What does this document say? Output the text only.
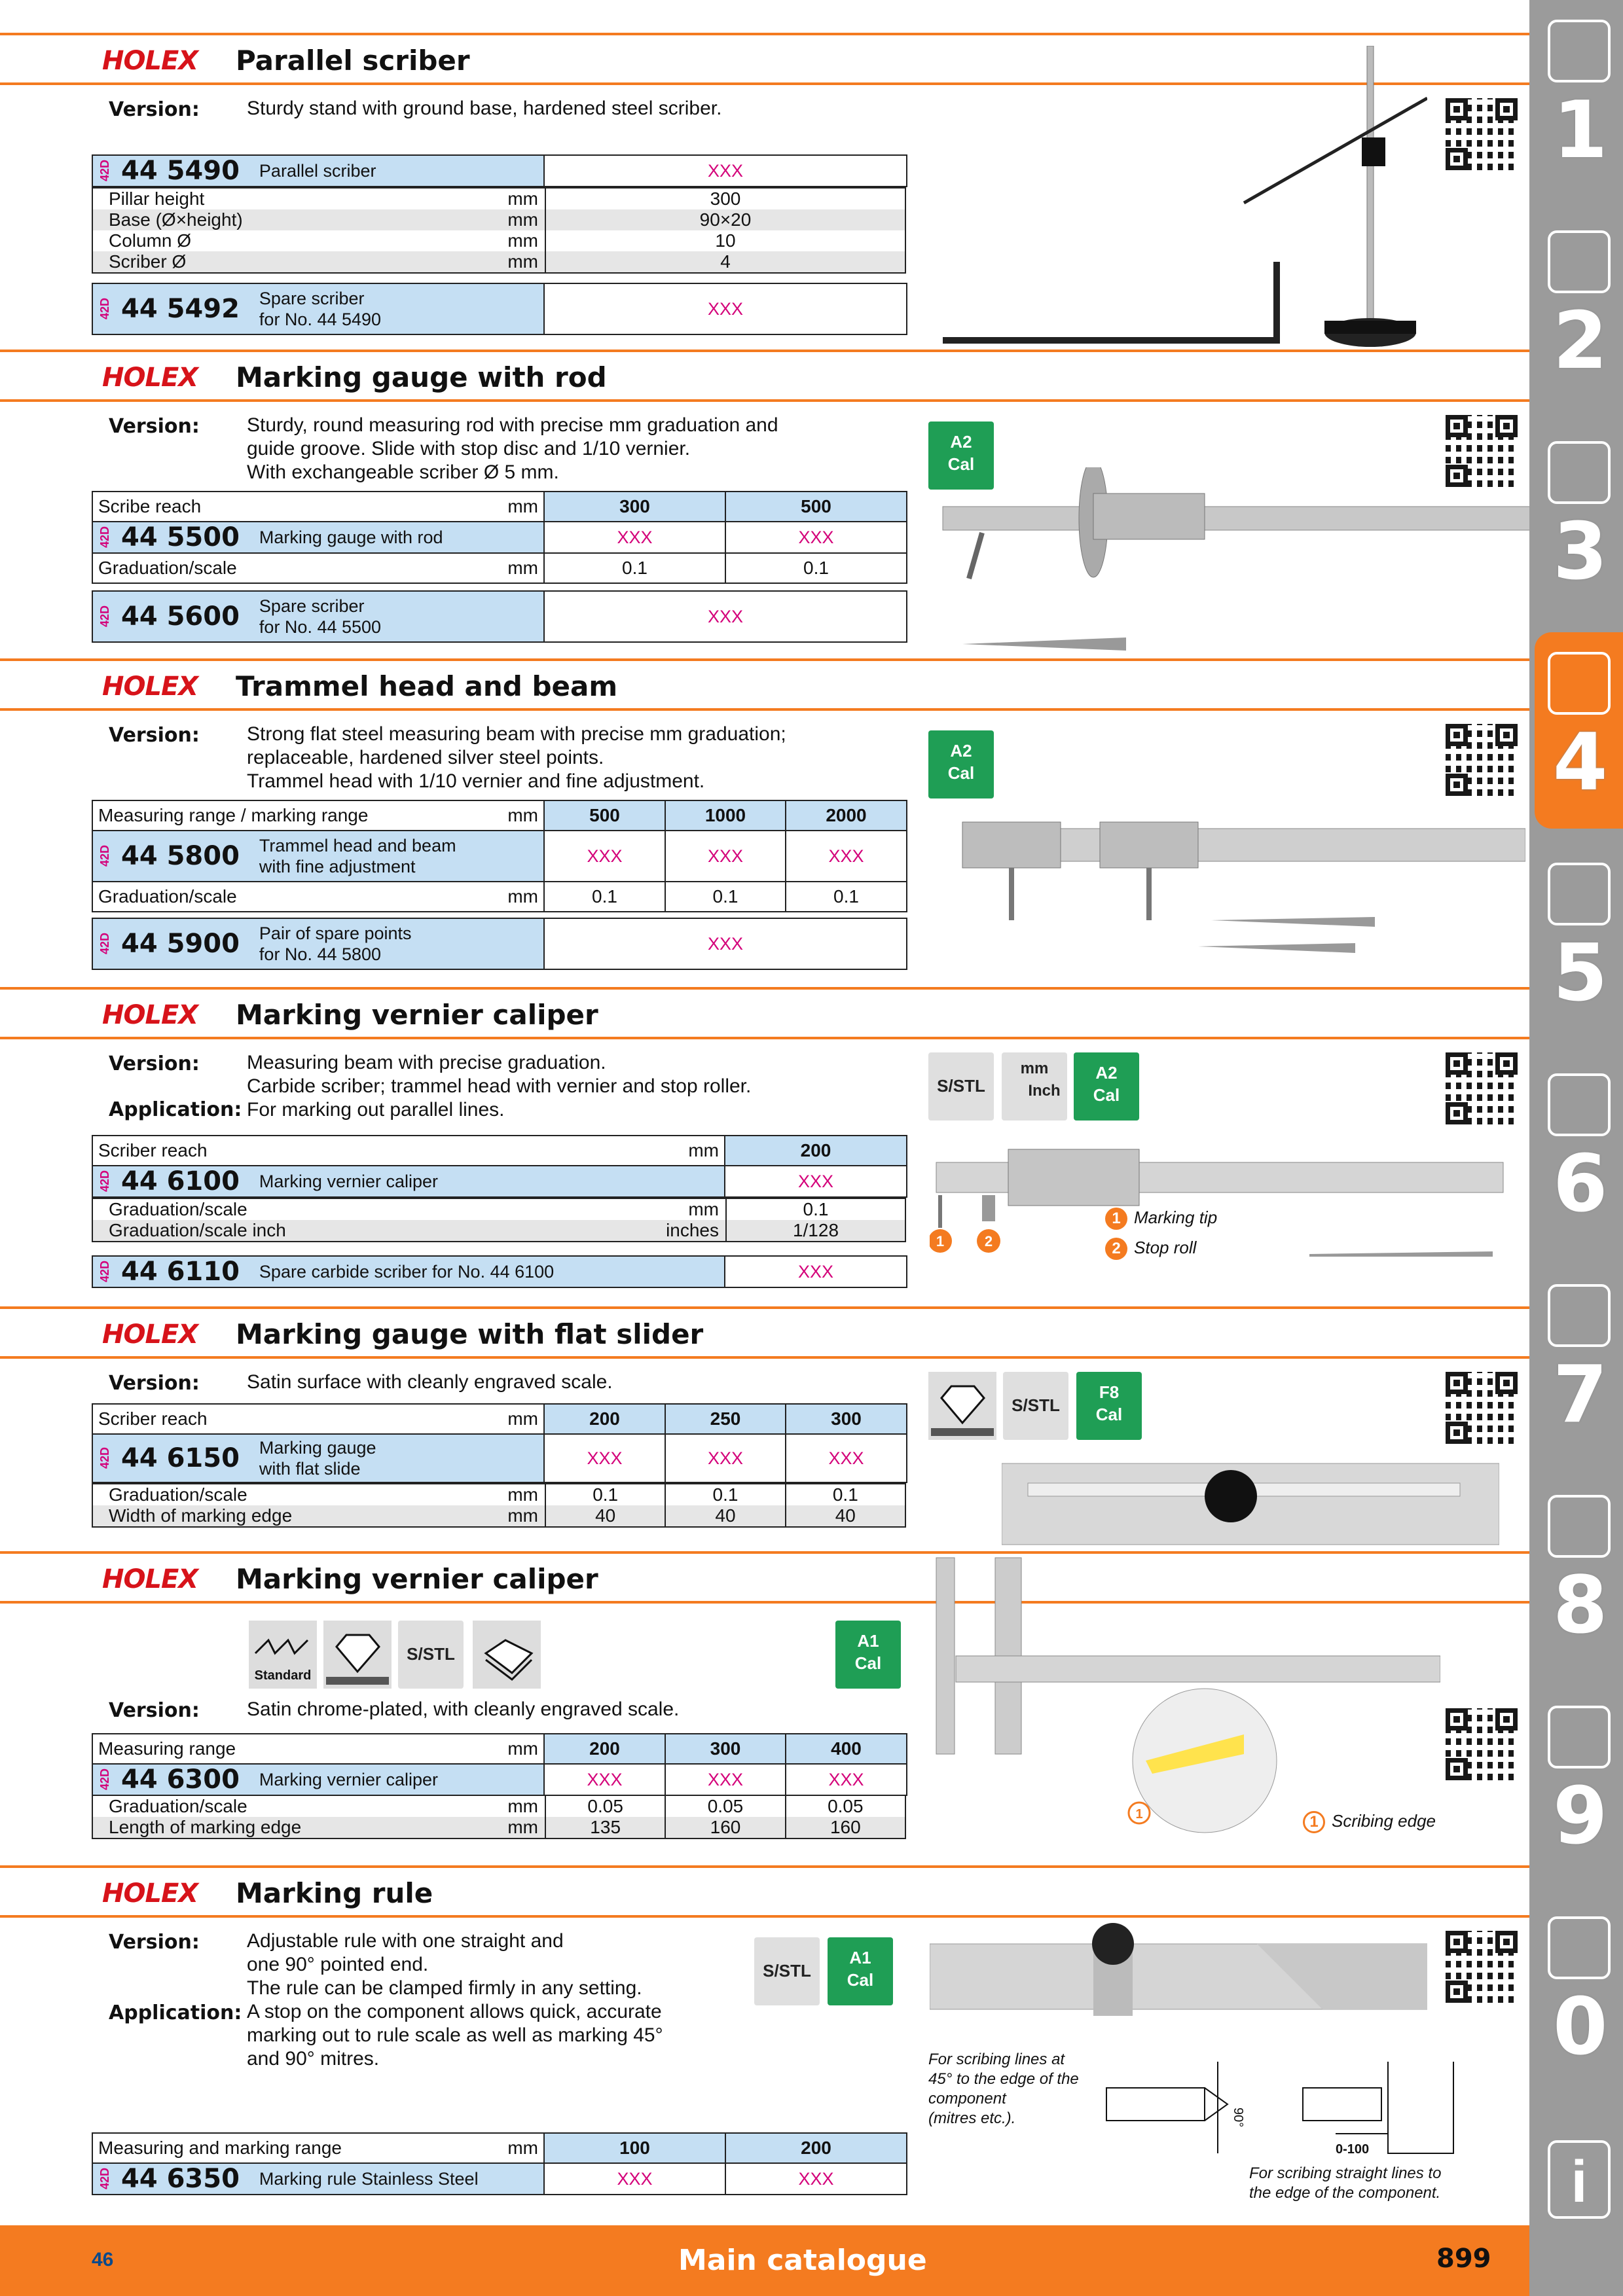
HOLEX Parallel scriber
Version: Sturdy stand with ground base, hardened steel scriber.
42D 44 5490 Parallel scriber	XXX
Pillar height	mm	300
Base (Ø×height)	mm	90×20
Column Ø	mm	10
Scriber Ø	mm	4
42D 44 5492 Spare scriber
for No. 44 5490
	XXX
HOLEX Marking gauge with rod
Version: Sturdy, round measuring rod with precise mm graduation and
guide groove. Slide with stop disc and 1/10 vernier.
With exchangeable scriber Ø 5 mm.
Scribe reach mm	300	500

42D 44 5500 Marking gauge with rod	XXX	XXX
Graduation/scale mm	0.1	0.1
42D 44 5600 Spare scriber
for No. 44 5500
	XXX
A2
Cal
HOLEX Trammel head and beam
Version: Strong flat steel measuring beam with precise mm graduation;
replaceable, hardened silver steel points.
Trammel head with 1/10 vernier and fine adjustment.
Measuring range / marking range mm	500	1000	2000

42D 44 5800 Trammel head and beam
with fine adjustment	XXX	XXX	XXX
Graduation/scale mm	0.1	0.1	0.1
42D 44 5900 Pair of spare points
for No. 44 5800
	XXX
A2
Cal
HOLEX Marking vernier caliper
Version: Measuring beam with precise graduation.
Carbide scriber; trammel head with vernier and stop roller.
Application: For marking out parallel lines.
Scriber reach mm	200

42D 44 6100 Marking vernier caliper	XXX
Graduation/scale	mm	0.1
Graduation/scale inch	inches	1/128
42D 44 6110 Spare carbide scriber for No. 44 6100	XXX
S/STL
mm
Inch
A2
Cal
1	2
1 Marking tip
2 Stop roll
HOLEX Marking gauge with flat slider
Version: Satin surface with cleanly engraved scale.
Scriber reach mm	200	250	300

42D 44 6150 Marking gauge
with flat slide	XXX	XXX	XXX
Graduation/scale	mm	0.1	0.1	0.1
Width of marking edge	mm	40	40	40
S/STL
F8
Cal
HOLEX Marking vernier caliper
Standard
S/STL
A1
Cal
Version: Satin chrome-plated, with cleanly engraved scale.
Measuring range mm	200	300	400

42D 44 6300 Marking vernier caliper	XXX	XXX	XXX
Graduation/scale	mm	0.05	0.05	0.05
Length of marking edge	mm	135	160	160
1	1 Scribing edge
HOLEX Marking rule
Version: Adjustable rule with one straight and
one 90° pointed end.
The rule can be clamped firmly in any setting.
Application: A stop on the component allows quick, accurate
marking out to rule scale as well as marking 45°
and 90° mitres.
S/STL
A1
Cal
Measuring and marking range mm	100	200

42D 44 6350 Marking rule Stainless Steel	XXX	XXX
For scribing lines at
45° to the edge of the
component
(mitres etc.).	90°
0-100
For scribing straight lines to
the edge of the component.
1
2
3
4
5
6
7
8
9
0
i
46	Main catalogue	899
